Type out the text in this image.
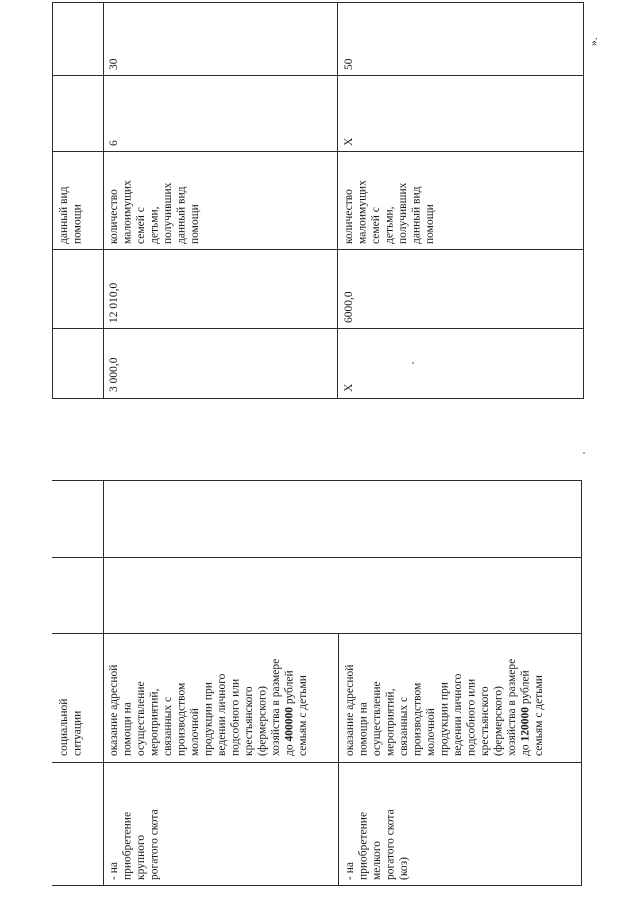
социальной
ситуации
- на
приобретение
крупного
рогатого скота
оказание адресной
помощи на
осуществление
мероприятий,
связанных с
производством
молочной
продукции при
ведении личного
подсобного или
крестьянского
(фермерского)
хозяйства в размере
до 400000 рублей
семьям с детьми
- на
приобретение
мелкого
рогатого скота
(коз)
оказание адресной
помощи на
осуществление
мероприятий,
связанных с
производством
молочной
продукции при
ведении личного
подсобного или
крестьянского
(фермерского)
хозяйства в размере
до 120000 рублей
семьям с детьми
данный вид
помощи
3 000,0
12 010,0
количество
малоимущих
семей с
детьми,
получивших
данный вид
помощи
6
30
X
6000,0
количество
малоимущих
семей с
детьми,
получивших
данный вид
помощи
X
50
».
